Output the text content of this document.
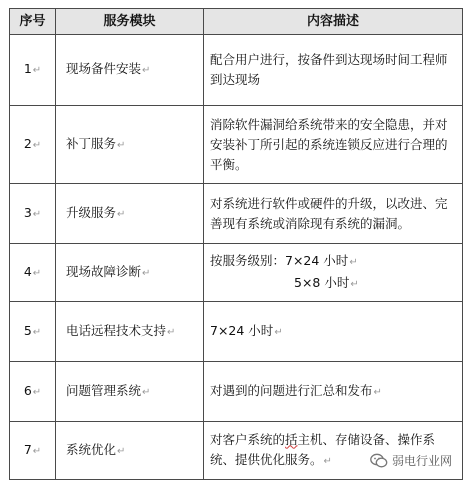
序号	服务模块	内容描述
1↵	现场备件安装↵	配合用户进行，按备件到达现场时间工程师到达现场
2↵	补丁服务↵	消除软件漏洞给系统带来的安全隐患，并对安装补丁所引起的系统连锁反应进行合理的平衡。
3↵	升级服务↵	对系统进行软件或硬件的升级，以改进、完善现有系统或消除现有系统的漏洞。
4↵	现场故障诊断↵	按服务级别：7×24 小时↵
5×8 小时↵

5↵	电话远程技术支持↵	7×24 小时↵
6↵	问题管理系统↵	对遇到的问题进行汇总和发布↵
7↵	系统优化↵	对客户系统的括主机、存储设备、操作系统、提供优化服务。↵	弱电行业网
